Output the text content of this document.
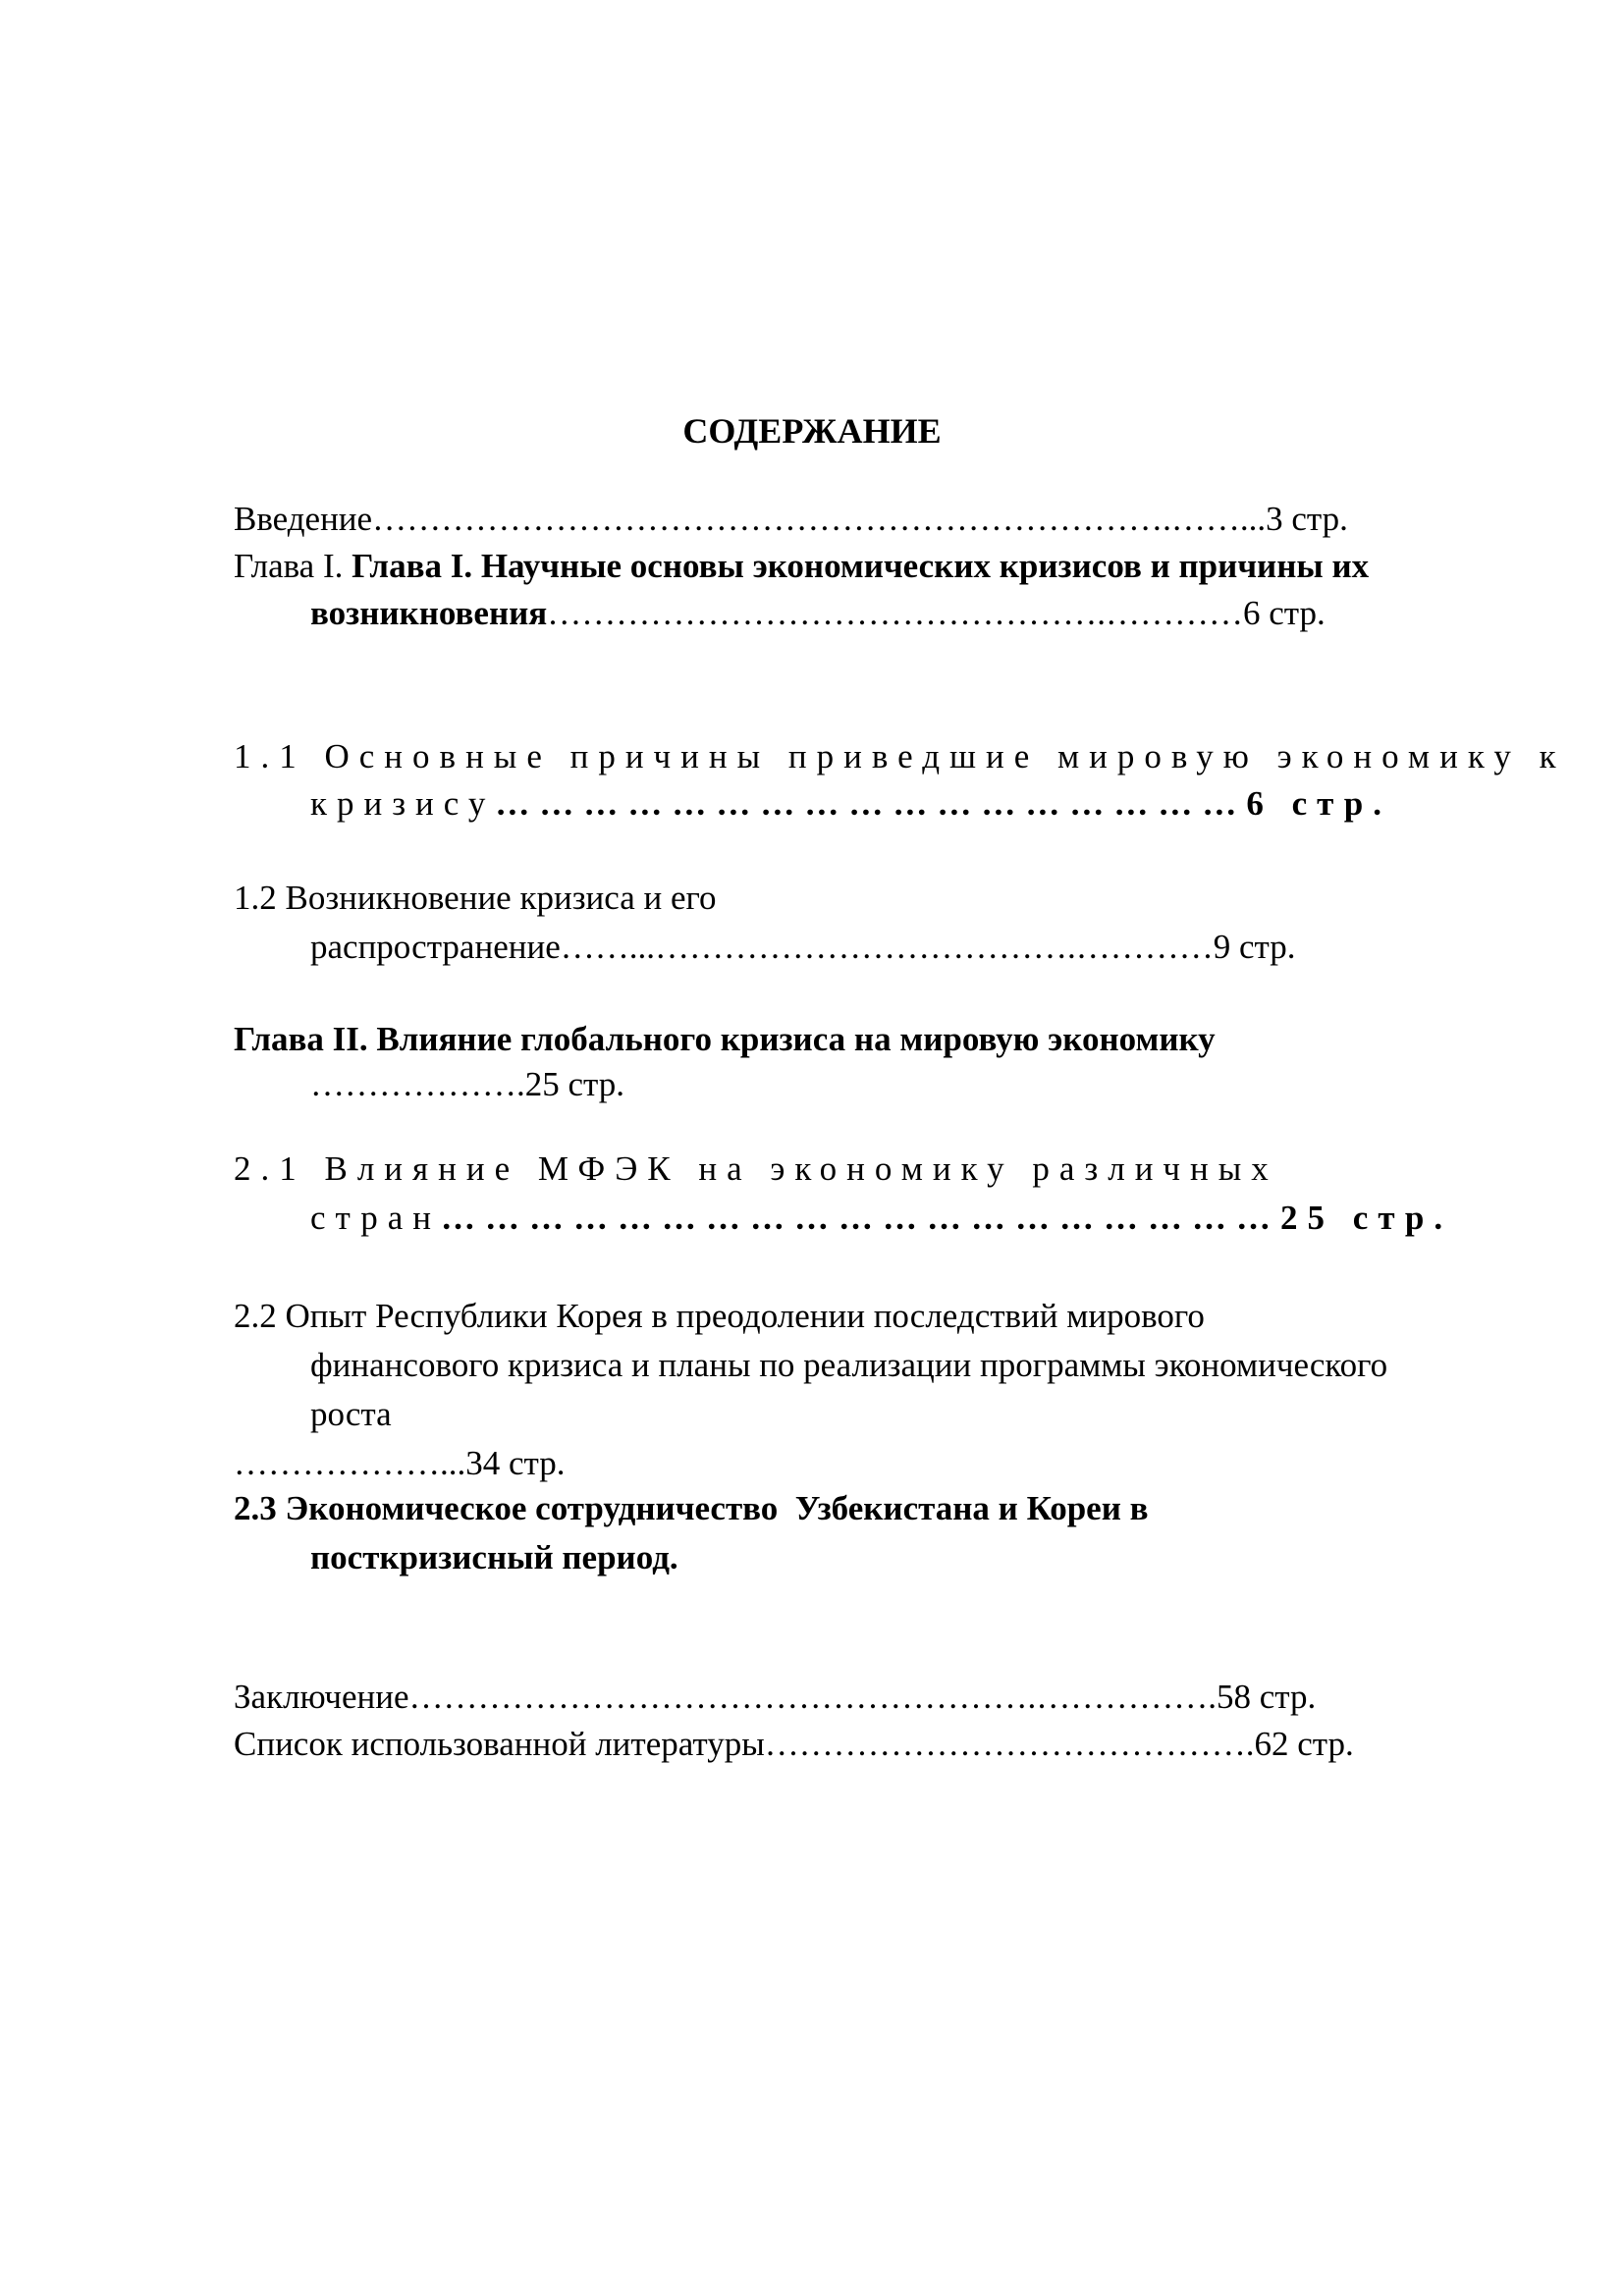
СОДЕРЖАНИЕ
Введение…………………………………………………………….……...3 стр.
Глава I. Глава I. Научные основы экономических кризисов и причины их
возникновения………………………………………….…………6 стр.
1.1 Основные причины приведшие мировую экономику к
кризису……………………………………………6 стр.
1.2 Возникновение кризиса и его
распространение……...……………………………….…………9 стр.
Глава II. Влияние глобального кризиса на мировую экономику
……………….25 стр.
2.1 Влияние МФЭК на экономику различных
стран…………………………………………………25 стр.
2.2 Опыт Республики Корея в преодолении последствий мирового
финансового кризиса и планы по реализации программы экономического
роста
………………...34 стр.
2.3 Экономическое сотрудничество  Узбекистана и Кореи в
посткризисный период.
Заключение……………………………………………….…………….58 стр.
Список использованной литературы…………………………………….62 стр.
